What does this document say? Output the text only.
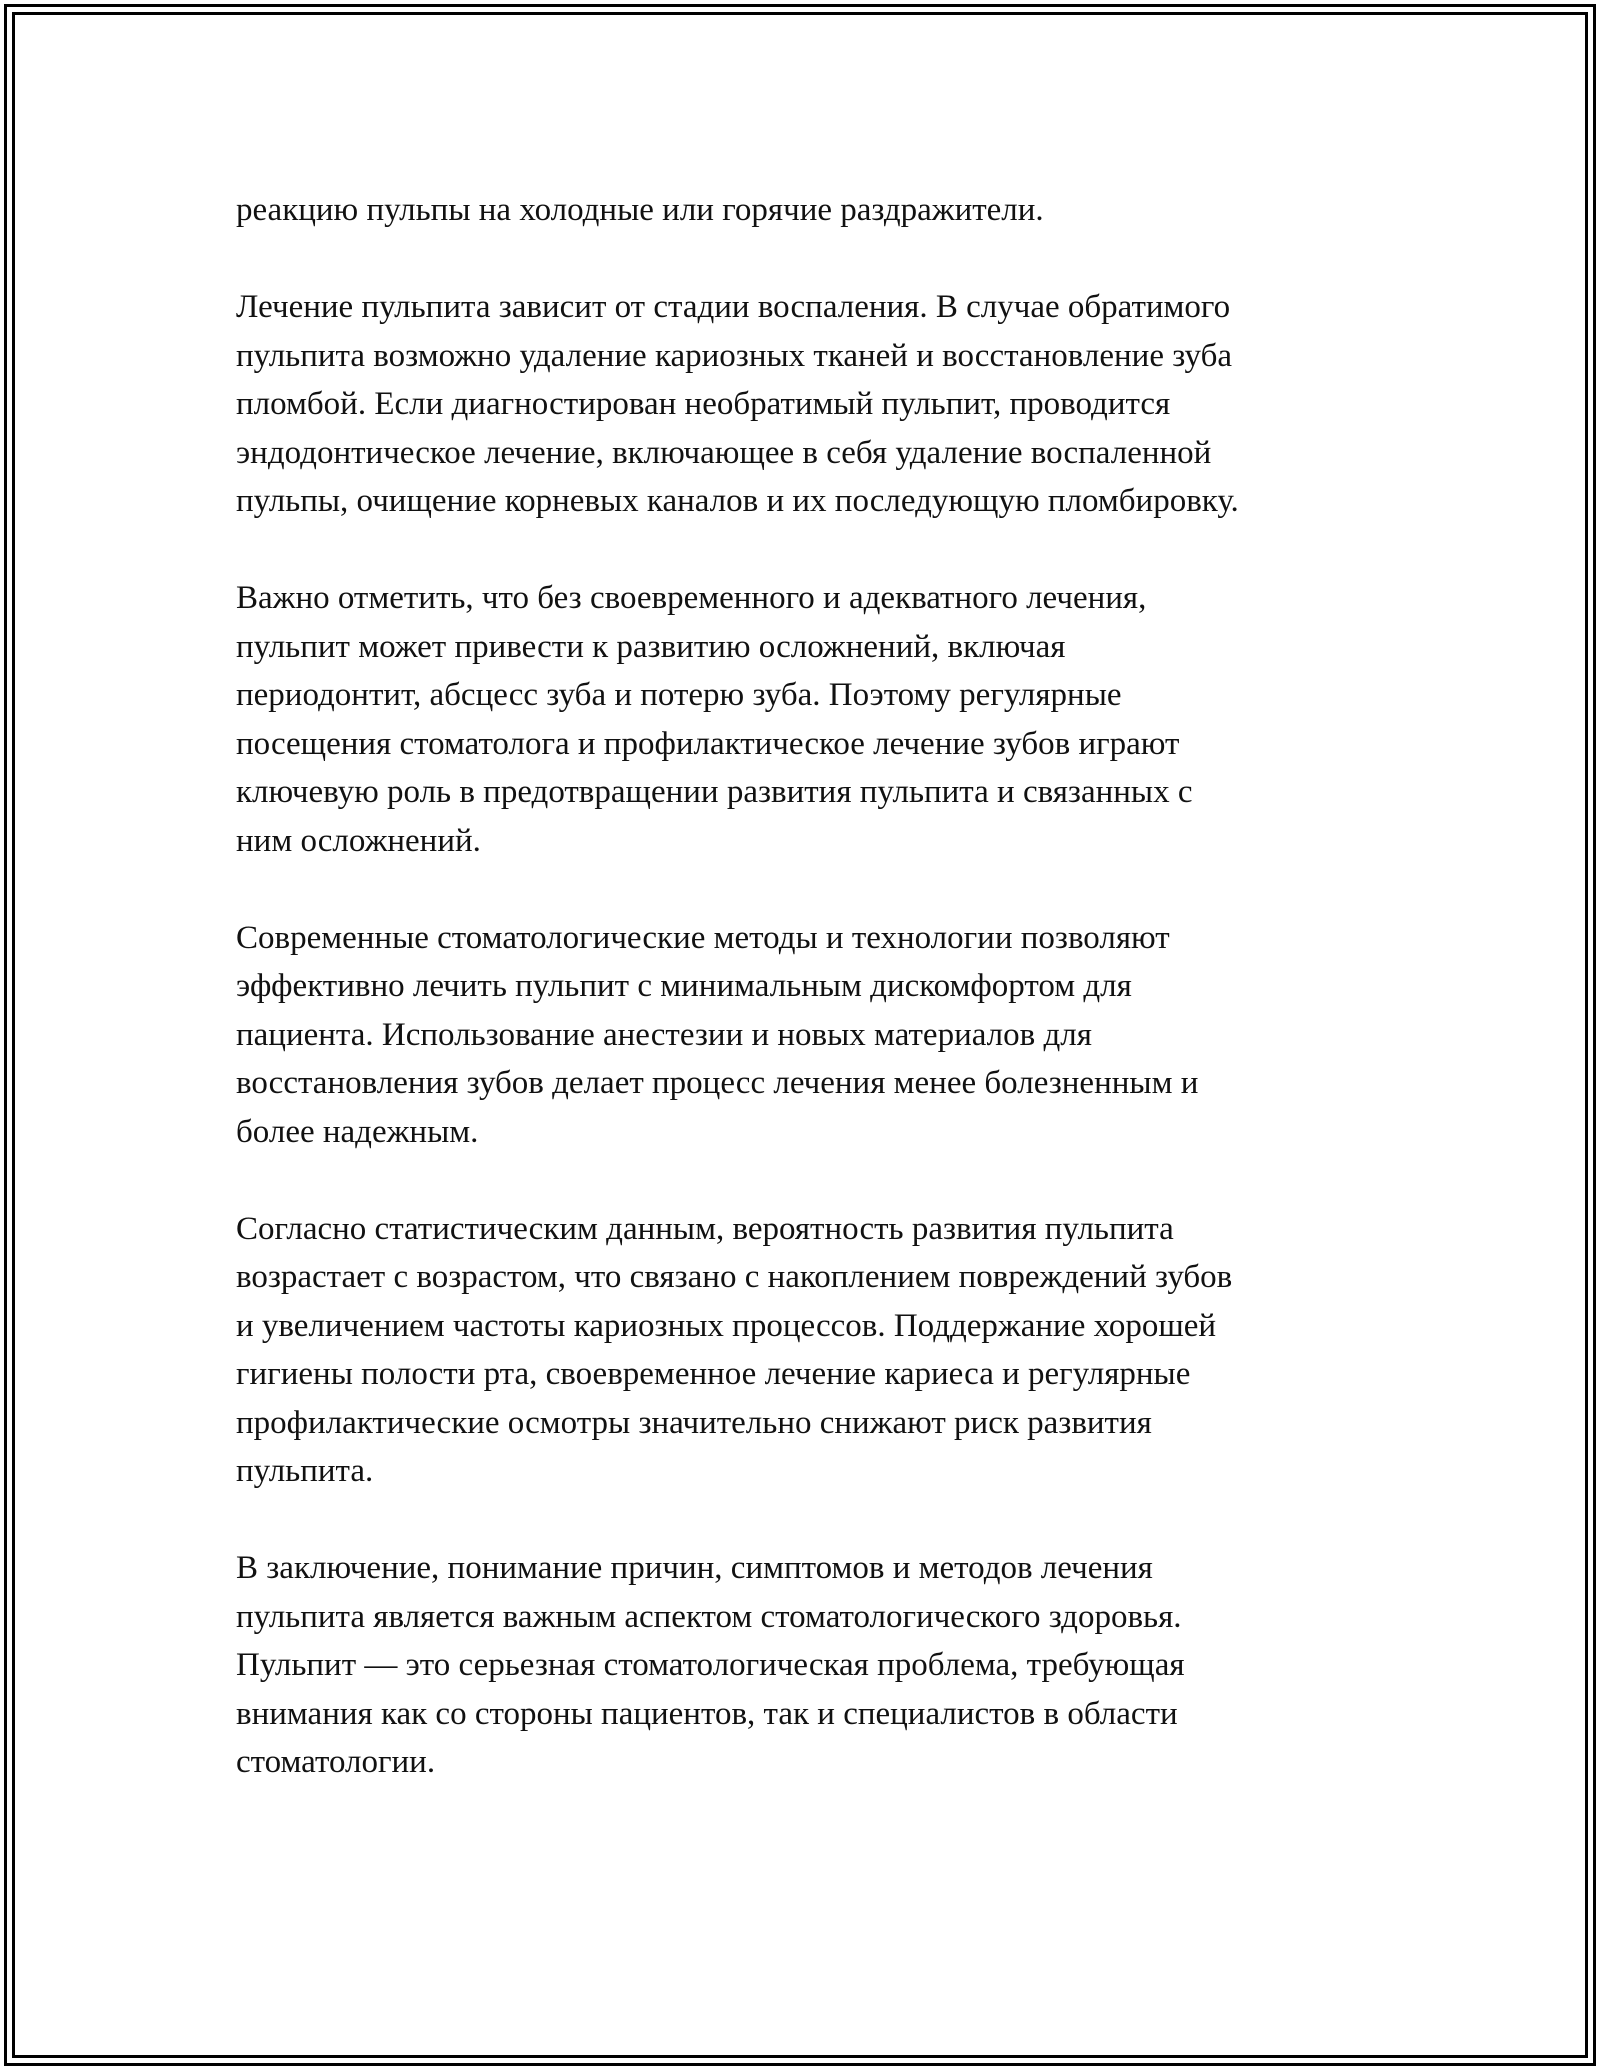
реакцию пульпы на холодные или горячие раздражители.

Лечение пульпита зависит от стадии воспаления. В случае обратимого
пульпита возможно удаление кариозных тканей и восстановление зуба
пломбой. Если диагностирован необратимый пульпит, проводится
эндодонтическое лечение, включающее в себя удаление воспаленной
пульпы, очищение корневых каналов и их последующую пломбировку.

Важно отметить, что без своевременного и адекватного лечения,
пульпит может привести к развитию осложнений, включая
периодонтит, абсцесс зуба и потерю зуба. Поэтому регулярные
посещения стоматолога и профилактическое лечение зубов играют
ключевую роль в предотвращении развития пульпита и связанных с
ним осложнений.

Современные стоматологические методы и технологии позволяют
эффективно лечить пульпит с минимальным дискомфортом для
пациента. Использование анестезии и новых материалов для
восстановления зубов делает процесс лечения менее болезненным и
более надежным.

Согласно статистическим данным, вероятность развития пульпита
возрастает с возрастом, что связано с накоплением повреждений зубов
и увеличением частоты кариозных процессов. Поддержание хорошей
гигиены полости рта, своевременное лечение кариеса и регулярные
профилактические осмотры значительно снижают риск развития
пульпита.

В заключение, понимание причин, симптомов и методов лечения
пульпита является важным аспектом стоматологического здоровья.
Пульпит — это серьезная стоматологическая проблема, требующая
внимания как со стороны пациентов, так и специалистов в области
стоматологии.
